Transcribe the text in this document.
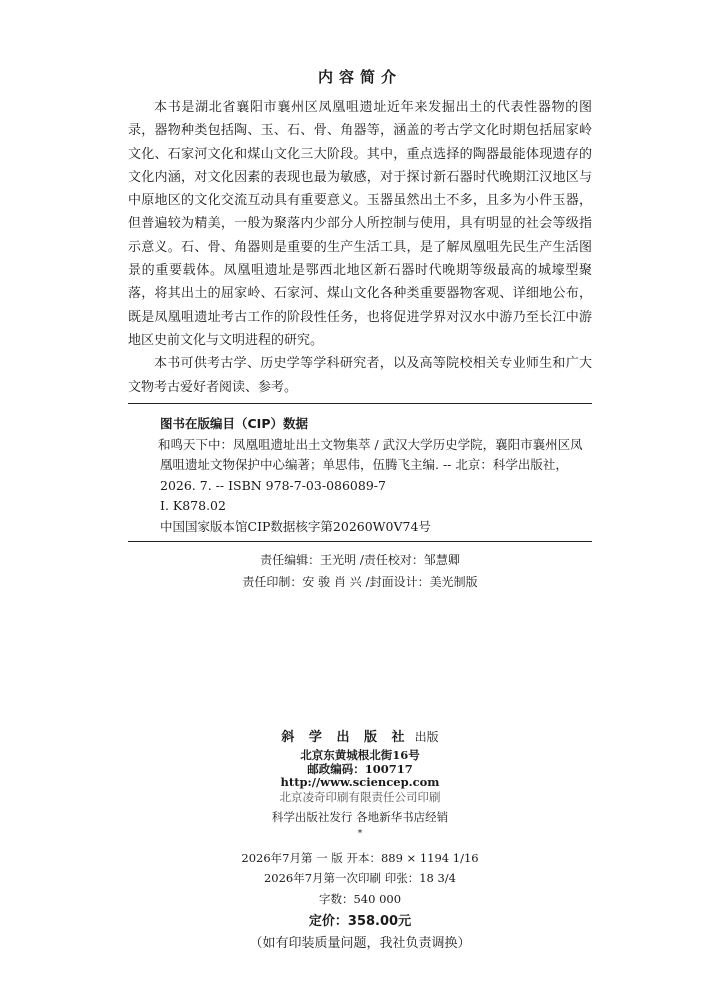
内容简介

本书是湖北省襄阳市襄州区凤凰咀遗址近年来发掘出土的代表性器物的图录，器物种类包括陶、玉、石、骨、角器等，涵盖的考古学文化时期包括屈家岭文化、石家河文化和煤山文化三大阶段。其中，重点选择的陶器最能体现遗存的文化内涵，对文化因素的表现也最为敏感，对于探讨新石器时代晚期江汉地区与中原地区的文化交流互动具有重要意义。玉器虽然出土不多，且多为小件玉器，但普遍较为精美，一般为聚落内少部分人所控制与使用，具有明显的社会等级指示意义。石、骨、角器则是重要的生产生活工具，是了解凤凰咀先民生产生活图景的重要载体。凤凰咀遗址是鄂西北地区新石器时代晚期等级最高的城壕型聚落，将其出土的屈家岭、石家河、煤山文化各种类重要器物客观、详细地公布，既是凤凰咀遗址考古工作的阶段性任务，也将促进学界对汉水中游乃至长江中游地区史前文化与文明进程的研究。

本书可供考古学、历史学等学科研究者，以及高等院校相关专业师生和广大文物考古爱好者阅读、参考。

图书在版编目（CIP）数据
和鸣天下中：凤凰咀遗址出土文物集萃 / 武汉大学历史学院，襄阳市襄州区凤凰咀遗址文物保护中心编著；单思伟，伍腾飞主编. -- 北京：科学出版社，2026. 7. -- ISBN 978-7-03-086089-7
Ⅰ. K878.02
中国国家版本馆CIP数据核字第20260W0V74号
责任编辑：王光明 /责任校对：邹慧卿
责任印制：安 骏 肖 兴 /封面设计：美光制版
斜 学 出 版 社 出版
北京东黄城根北街16号
邮政编码：100717
http://www.sciencep.com
北京凌奇印刷有限责任公司印刷
科学出版社发行 各地新华书店经销
*
2026年7月第 一 版 开本：889 × 1194 1/16
2026年7月第一次印刷 印张：18 3/4
字数：540 000
定价：358.00元
（如有印装质量问题，我社负责调换）
